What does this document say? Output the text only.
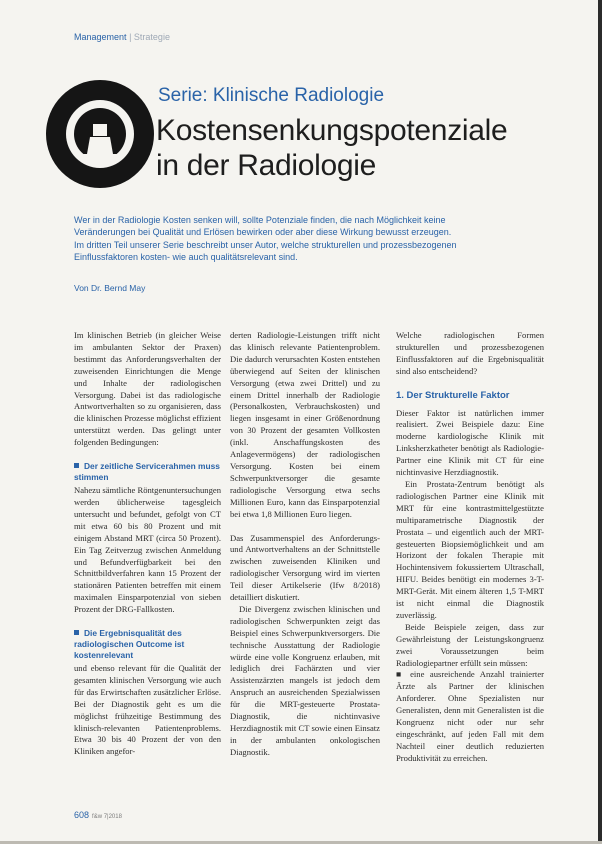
Management | Strategie
Serie: Klinische Radiologie
Kostensenkungspotenziale
in der Radiologie

Wer in der Radiologie Kosten senken will, sollte Potenziale finden, die nach Möglichkeit keine

Veränderungen bei Qualität und Erlösen bewirken oder aber diese Wirkung bewusst erzeugen.

Im dritten Teil unserer Serie beschreibt unser Autor, welche strukturellen und prozessbezogenen

Einflussfaktoren kosten- wie auch qualitätsrelevant sind.

Von Dr. Bernd May

Im klinischen Betrieb (in gleicher Weise im ambulanten Sektor der Praxen) bestimmt das Anforderungsverhalten der zuweisenden Einrichtungen die Menge und Inhalte der radiologischen Versorgung. Dabei ist das radiologische Antwortverhalten so zu organisieren, dass die klinischen Prozesse möglichst effizient unterstützt werden. Das gelingt unter folgenden Bedingungen:

Der zeitliche Servicerahmen muss stimmen

Nahezu sämtliche Röntgenuntersuchungen werden üblicherweise tagesgleich untersucht und befundet, gefolgt von CT mit etwa 60 bis 80 Prozent und mit einigem Abstand MRT (circa 50 Prozent). Ein Tag Zeitverzug zwischen Anmeldung und Befundverfügbarkeit bei den Schnittbildverfahren kann 15 Prozent der stationären Patienten betreffen mit einem maximalen Einsparpotenzial von sieben Prozent der DRG-Fallkosten.

Die Ergebnisqualität des radiologischen Outcome ist kostenrelevant

und ebenso relevant für die Qualität der gesamten klinischen Versorgung wie auch für das Erwirtschaften zusätzlicher Erlöse. Bei der Diagnostik geht es um die möglichst frühzeitige Bestimmung des klinisch-relevanten Patientenproblems. Etwa 30 bis 40 Prozent der von den Kliniken angefor-

derten Radiologie-Leistungen trifft nicht das klinisch relevante Patientenproblem. Die dadurch verursachten Kosten entstehen überwiegend auf Seiten der klinischen Versorgung (etwa zwei Drittel) und zu einem Drittel innerhalb der Radiologie (Personalkosten, Verbrauchskosten) und liegen insgesamt in einer Größenordnung von 30 Prozent der gesamten Vollkosten (inkl. Anschaffungskosten des Anlagevermögens) der radiologischen Versorgung. Kosten bei einem Schwerpunktversorger die gesamte radiologische Versorgung etwa sechs Millionen Euro, kann das Einsparpotenzial bei etwa 1,8 Millionen Euro liegen.

Das Zusammenspiel des Anforderungs- und Antwortverhaltens an der Schnittstelle zwischen zuweisenden Kliniken und radiologischer Versorgung wird im vierten Teil dieser Artikelserie (Ifw 8/2018) detailliert diskutiert.

Die Divergenz zwischen klinischen und radiologischen Schwerpunkten zeigt das Beispiel eines Schwerpunktversorgers. Die technische Ausstattung der Radiologie würde eine volle Kongruenz erlauben, mit lediglich drei Fachärzten und vier Assistenzärzten mangels ist jedoch dem Anspruch an ausreichenden Spezialwissen für die MRT-gesteuerte Prostata-Diagnostik, die nichtinvasive Herzdiagnostik mit CT sowie einen Einsatz in der ambulanten onkologischen Diagnostik.

Welche radiologischen Formen strukturellen und prozessbezogenen Einflussfaktoren auf die Ergebnisqualität sind also entscheidend?

1. Der Strukturelle Faktor

Dieser Faktor ist natürlichen immer realisiert. Zwei Beispiele dazu: Eine moderne kardiologische Klinik mit Linksherzkatheter benötigt als Radiologie-Partner eine Klinik mit CT für eine nichtinvasive Herzdiagnostik.

Ein Prostata-Zentrum benötigt als radiologischen Partner eine Klinik mit MRT für eine kontrastmittelgestützte multiparametrische Diagnostik der Prostata – und eigentlich auch der MRT-gesteuerten Biopsiemöglichkeit und am Horizont der fokalen Therapie mit Hochintensivem fokussiertem Ultraschall, HIFU. Beides benötigt ein modernes 3-T-MRT-Gerät. Mit einem älteren 1,5 T-MRT ist nicht einmal die Diagnostik zuverlässig.

Beide Beispiele zeigen, dass zur Gewährleistung der Leistungskongruenz zwei Voraussetzungen beim Radiologiepartner erfüllt sein müssen:

■ eine ausreichende Anzahl trainierter Ärzte als Partner der klinischen Anforderer. Ohne Spezialisten nur Generalisten, denn mit Generalisten ist die Kongruenz nicht oder nur sehr eingeschränkt, auf jeden Fall mit dem Nachteil einer deutlich reduzierten Produktivität zu erreichen.

608 f&w 7|2018
